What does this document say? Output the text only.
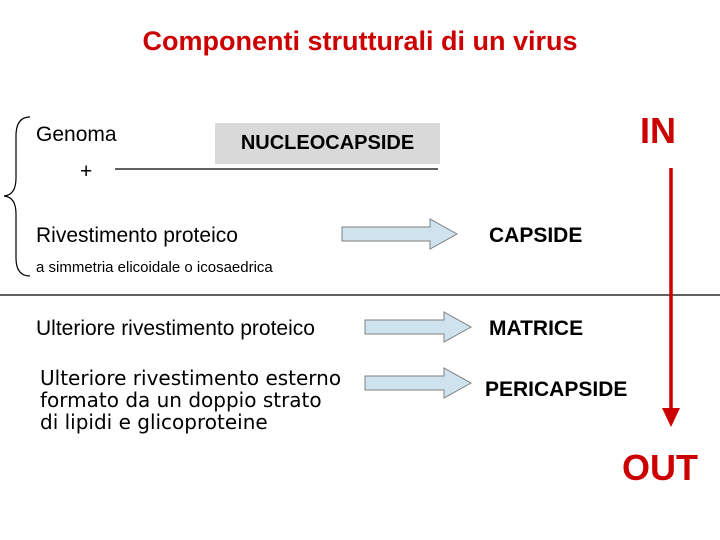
Componenti strutturali di un virus
Genoma
+
NUCLEOCAPSIDE	IN
Rivestimento proteico
a simmetria elicoidale o icosaedrica
CAPSIDE
Ulteriore rivestimento proteico	MATRICE
Ulteriore rivestimento esterno
formato da un doppio strato
di lipidi e glicoproteine
PERICAPSIDE
OUT
